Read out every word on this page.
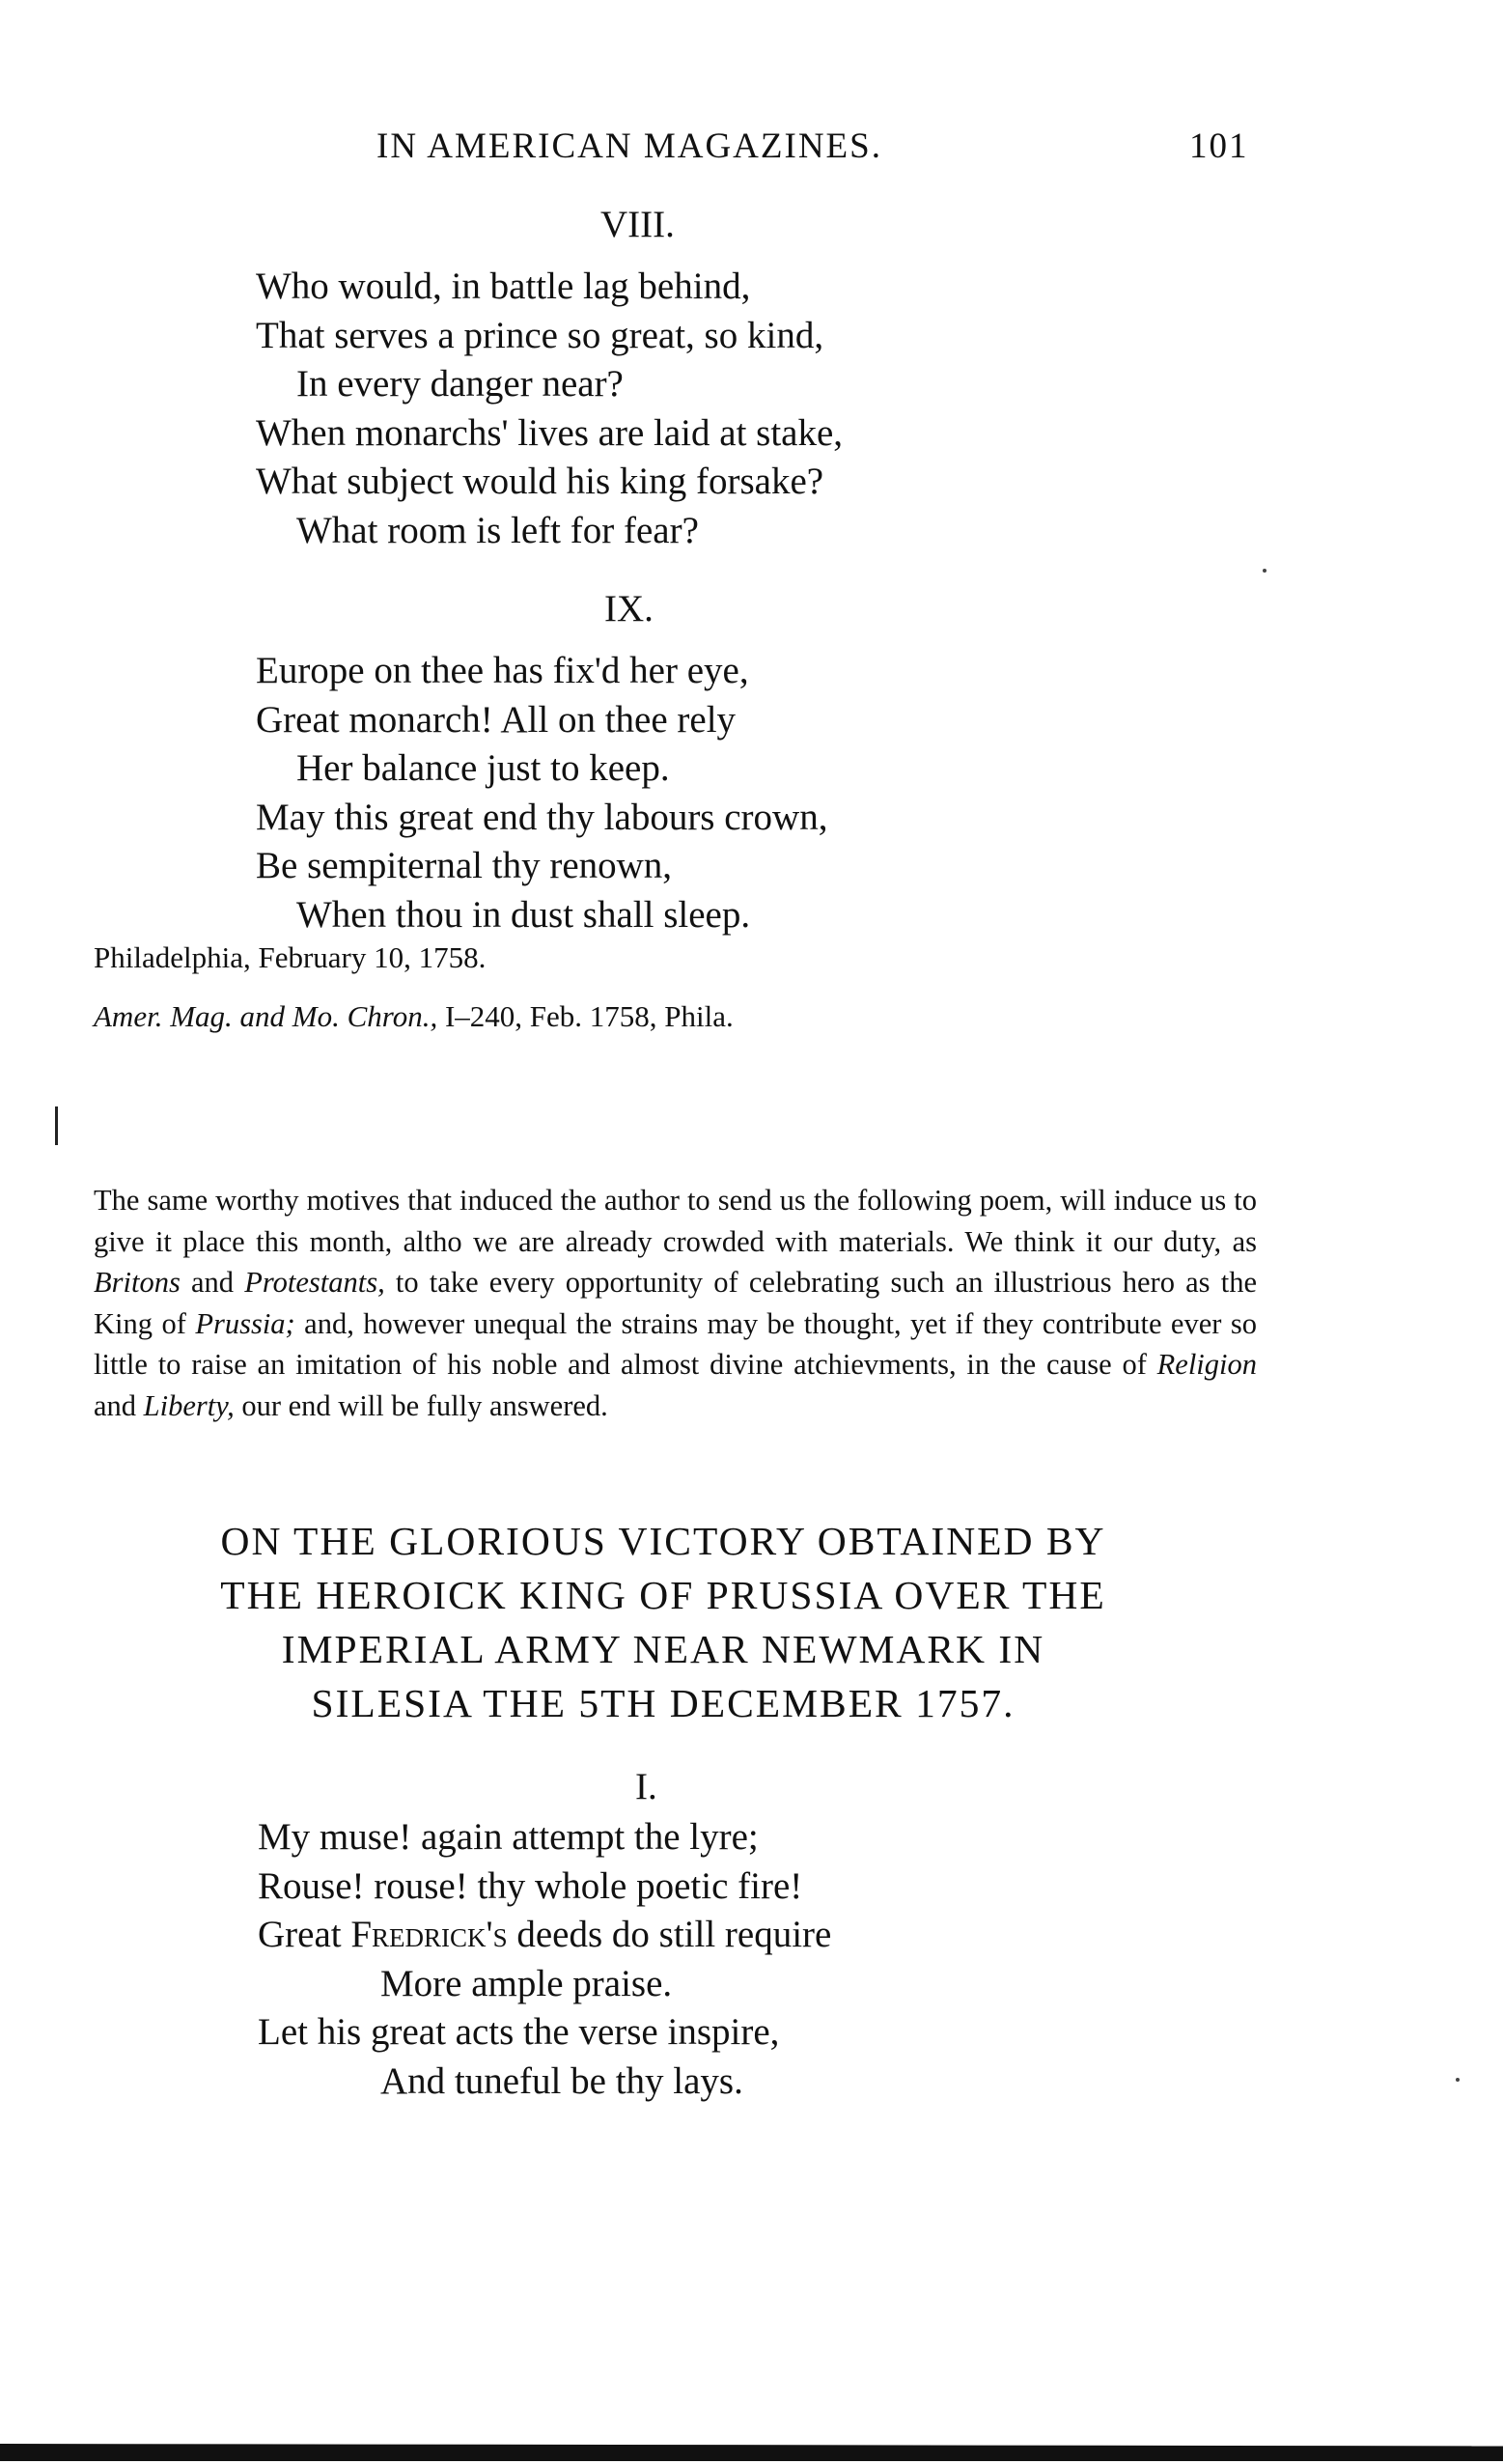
IN AMERICAN MAGAZINES.	101
VIII.
Who would, in battle lag behind,
That serves a prince so great, so kind,
In every danger near?
When monarchs' lives are laid at stake,
What subject would his king forsake?
What room is left for fear?
IX.
Europe on thee has fix'd her eye,
Great monarch! All on thee rely
Her balance just to keep.
May this great end thy labours crown,
Be sempiternal thy renown,
When thou in dust shall sleep.
Philadelphia, February 10, 1758.
Amer. Mag. and Mo. Chron., I–240, Feb. 1758, Phila.
The same worthy motives that induced the author to send us the following poem, will induce us to give it place this month, altho we are already crowded with materials. We think it our duty, as Britons and Protestants, to take every opportunity of celebrating such an illustrious hero as the King of Prussia; and, however unequal the strains may be thought, yet if they contribute ever so little to raise an imitation of his noble and almost divine atchievments, in the cause of Religion and Liberty, our end will be fully answered.
ON THE GLORIOUS VICTORY OBTAINED BY
THE HEROICK KING OF PRUSSIA OVER THE
IMPERIAL ARMY NEAR NEWMARK IN
SILESIA THE 5TH DECEMBER 1757.
I.
My muse! again attempt the lyre;
Rouse! rouse! thy whole poetic fire!
Great Fredrick's deeds do still require
More ample praise.
Let his great acts the verse inspire,
And tuneful be thy lays.
